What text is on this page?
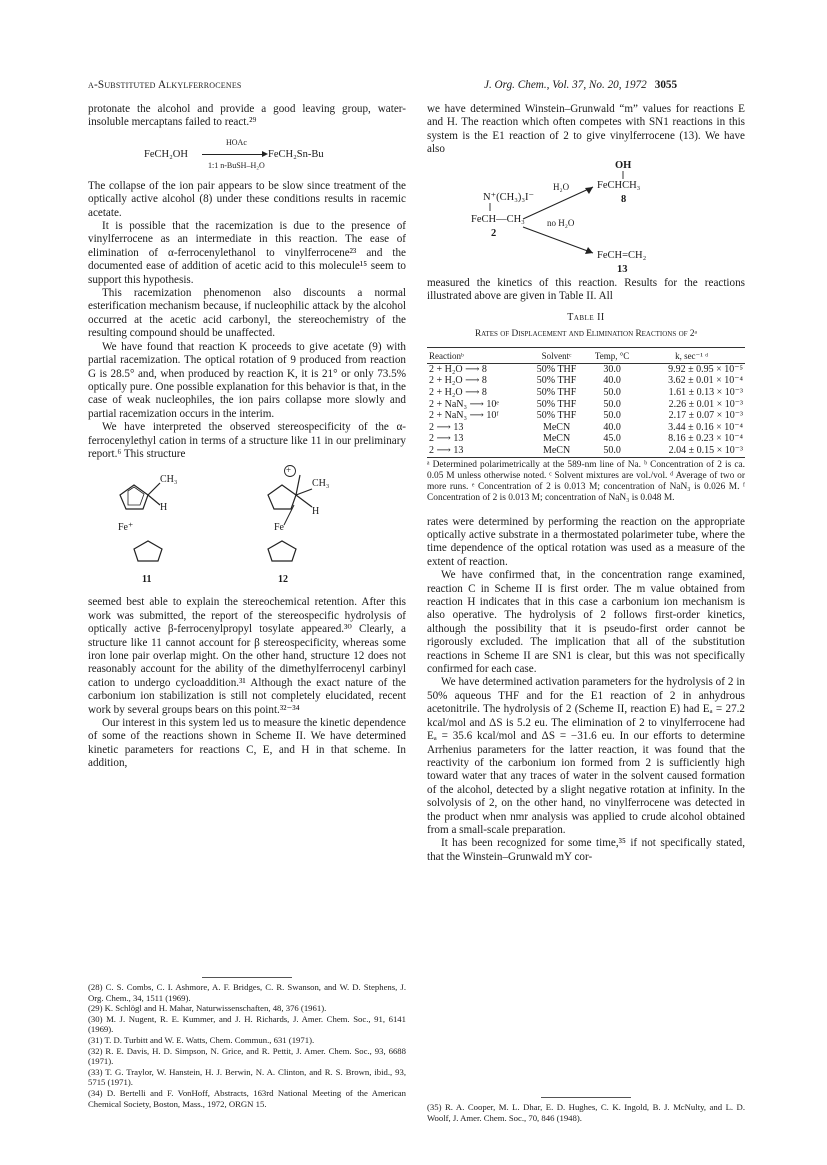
α-Substituted Alkylferrocenes	J. Org. Chem., Vol. 37, No. 20, 1972 3055

protonate the alcohol and provide a good leaving group, water-insoluble mercaptans failed to react.²⁹

FeCH₂OH
HOAc
1:1 n-BuSH–H₂O
FeCH₂Sn-Bu

The collapse of the ion pair appears to be slow since treatment of the optically active alcohol (8) under these conditions results in racemic acetate.

It is possible that the racemization is due to the presence of vinylferrocene as an intermediate in this reaction. The ease of elimination of α-ferrocenylethanol to vinylferrocene²³ and the documented ease of addition of acetic acid to this molecule¹⁵ seem to support this hypothesis.

This racemization phenomenon also discounts a normal esterification mechanism because, if nucleophilic attack by the alcohol occurred at the acetic acid carbonyl, the stereochemistry of the resulting compound should be unaffected.

We have found that reaction K proceeds to give acetate (9) with partial racemization. The optical rotation of 9 produced from reaction G is 28.5° and, when produced by reaction K, it is 21° or only 73.5% optically pure. One possible explanation for this behavior is that, in the case of weak nucleophiles, the ion pairs collapse more slowly and partial racemization occurs in the interim.

We have interpreted the observed stereospecificity of the α-ferrocenylethyl cation in terms of a structure like 11 in our preliminary report.⁶ This structure

CH₃
H
Fe⁺
11
+
CH₃
H
Fe
12

seemed best able to explain the stereochemical retention. After this work was submitted, the report of the stereospecific hydrolysis of optically active β-ferrocenylpropyl tosylate appeared.³⁰ Clearly, a structure like 11 cannot account for β stereospecificity, whereas some iron lone pair overlap might. On the other hand, structure 12 does not reasonably account for the ability of the dimethylferrocenyl carbinyl cation to undergo cycloaddition.³¹ Although the exact nature of the carbonium ion stabilization is still not completely elucidated, recent work by several groups bears on this point.³²⁻³⁴

Our interest in this system led us to measure the kinetic dependence of some of the reactions shown in Scheme II. We have determined kinetic parameters for reactions C, E, and H in that scheme. In addition,

(28) C. S. Combs, C. I. Ashmore, A. F. Bridges, C. R. Swanson, and W. D. Stephens, J. Org. Chem., 34, 1511 (1969).
(29) K. Schlögl and H. Mahar, Naturwissenschaften, 48, 376 (1961).
(30) M. J. Nugent, R. E. Kummer, and J. H. Richards, J. Amer. Chem. Soc., 91, 6141 (1969).
(31) T. D. Turbitt and W. E. Watts, Chem. Commun., 631 (1971).
(32) R. E. Davis, H. D. Simpson, N. Grice, and R. Pettit, J. Amer. Chem. Soc., 93, 6688 (1971).
(33) T. G. Traylor, W. Hanstein, H. J. Berwin, N. A. Clinton, and R. S. Brown, ibid., 93, 5715 (1971).
(34) D. Bertelli and F. VonHoff, Abstracts, 163rd National Meeting of the American Chemical Society, Boston, Mass., 1972, ORGN 15.

we have determined Winstein–Grunwald “m” values for reactions E and H. The reaction which often competes with SN1 reactions in this system is the E1 reaction of 2 to give vinylferrocene (13). We have also

OH
FeCHCH₃
8
H₂O
no H₂O
N⁺(CH₃)₃I⁻
FeCH—CH₃
2
FeCH=CH₂
13

measured the kinetics of this reaction. Results for the reactions illustrated above are given in Table II. All

Table II
Rates of Displacement and Elimination Reactions of 2ᵃ
Reactionᵇ	Solventᶜ	Temp, °C	k, sec⁻¹ ᵈ
2 + H₂O ⟶ 8	50% THF	30.0	9.92 ± 0.95 × 10⁻⁵
2 + H₂O ⟶ 8	50% THF	40.0	3.62 ± 0.01 × 10⁻⁴
2 + H₂O ⟶ 8	50% THF	50.0	1.61 ± 0.13 × 10⁻³
2 + NaN₃ ⟶ 10ᵉ	50% THF	50.0	2.26 ± 0.01 × 10⁻³
2 + NaN₃ ⟶ 10ᶠ	50% THF	50.0	2.17 ± 0.07 × 10⁻³
2 ⟶ 13	MeCN	40.0	3.44 ± 0.16 × 10⁻⁴
2 ⟶ 13	MeCN	45.0	8.16 ± 0.23 × 10⁻⁴
2 ⟶ 13	MeCN	50.0	2.04 ± 0.15 × 10⁻³
ᵃ Determined polarimetrically at the 589-nm line of Na. ᵇ Concentration of 2 is ca. 0.05 M unless otherwise noted. ᶜ Solvent mixtures are vol./vol. ᵈ Average of two or more runs. ᵉ Concentration of 2 is 0.013 M; concentration of NaN₃ is 0.026 M. ᶠ Concentration of 2 is 0.013 M; concentration of NaN₃ is 0.048 M.

rates were determined by performing the reaction on the appropriate optically active substrate in a thermostated polarimeter tube, where the time dependence of the optical rotation was used as a measure of the extent of reaction.

We have confirmed that, in the concentration range examined, reaction C in Scheme II is first order. The m value obtained from reaction H indicates that in this case a carbonium ion mechanism is also operative. The hydrolysis of 2 follows first-order kinetics, although the possibility that it is pseudo-first order cannot be rigorously excluded. The implication that all of the substitution reactions in Scheme II are SN1 is clear, but this was not specifically confirmed for each case.

We have determined activation parameters for the hydrolysis of 2 in 50% aqueous THF and for the E1 reaction of 2 in anhydrous acetonitrile. The hydrolysis of 2 (Scheme II, reaction E) had Eₐ = 27.2 kcal/mol and ΔS is 5.2 eu. The elimination of 2 to vinylferrocene had Eₐ = 35.6 kcal/mol and ΔS = −31.6 eu. In our efforts to determine Arrhenius parameters for the latter reaction, it was found that the reactivity of the carbonium ion formed from 2 is sufficiently high toward water that any traces of water in the solvent caused formation of the alcohol, detected by a slight negative rotation at infinity. In the solvolysis of 2, on the other hand, no vinylferrocene was detected in the product when nmr analysis was applied to crude alcohol obtained from a small-scale preparation.

It has been recognized for some time,³⁵ if not specifically stated, that the Winstein–Grunwald mY cor-

(35) R. A. Cooper, M. L. Dhar, E. D. Hughes, C. K. Ingold, B. J. McNulty, and L. D. Woolf, J. Amer. Chem. Soc., 70, 846 (1948).
